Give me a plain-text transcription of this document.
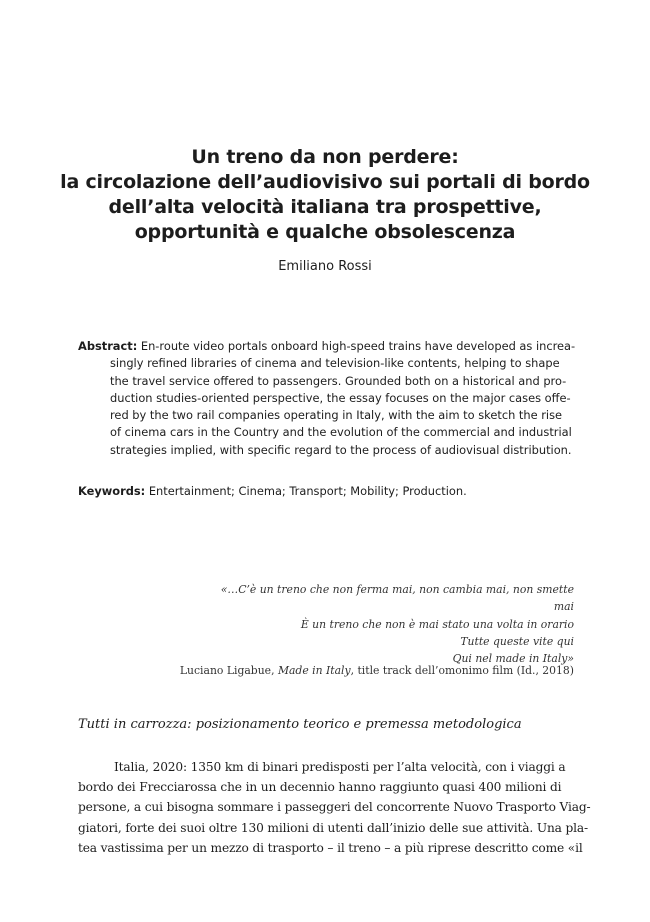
Un treno da non perdere:
la circolazione dell’audiovisivo sui portali di bordo
dell’alta velocità italiana tra prospettive,
opportunità e qualche obsolescenza
Emiliano Rossi

Abstract: En-route video portals onboard high-speed trains have developed as increa-
singly refined libraries of cinema and television-like contents, helping to shape
the travel service offered to passengers. Grounded both on a historical and pro-
duction studies-oriented perspective, the essay focuses on the major cases offe-
red by the two rail companies operating in Italy, with the aim to sketch the rise
of cinema cars in the Country and the evolution of the commercial and industrial
strategies implied, with specific regard to the process of audiovisual distribution.

Keywords: Entertainment; Cinema; Transport; Mobility; Production.
«…C’è un treno che non ferma mai, non cambia mai, non smette mai
È un treno che non è mai stato una volta in orario
Tutte queste vite qui
Qui nel made in Italy»
Luciano Ligabue, Made in Italy, title track dell’omonimo film (Id., 2018)
Tutti in carrozza: posizionamento teorico e premessa metodologica

Italia, 2020: 1350 km di binari predisposti per l’alta velocità, con i viaggi a
bordo dei Frecciarossa che in un decennio hanno raggiunto quasi 400 milioni di
persone, a cui bisogna sommare i passeggeri del concorrente Nuovo Trasporto Viag-
giatori, forte dei suoi oltre 130 milioni di utenti dall’inizio delle sue attività. Una pla-
tea vastissima per un mezzo di trasporto – il treno – a più riprese descritto come «il
